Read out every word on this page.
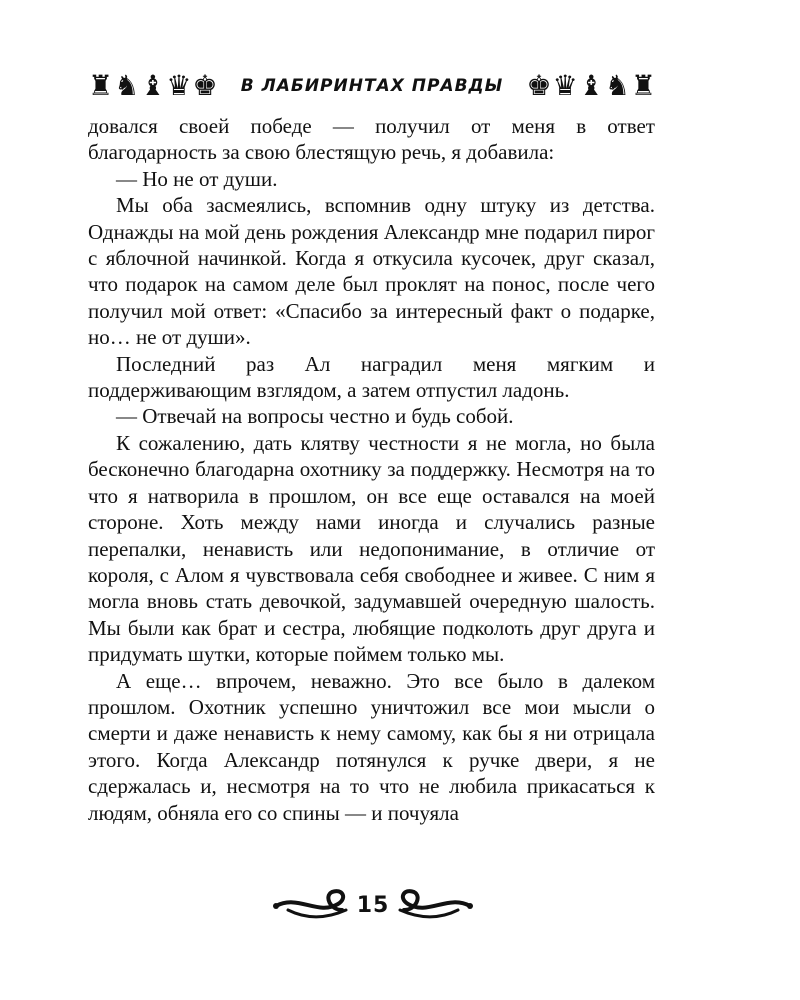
♜ ♞ ♝ ♛ ♚ В ЛАБИРИНТАХ ПРАВДЫ ♚ ♛ ♝ ♞ ♜

довался своей победе — получил от меня в ответ благодарность за свою блестящую речь, я добавила:

— Но не от души.

Мы оба засмеялись, вспомнив одну штуку из детства. Однажды на мой день рождения Александр мне подарил пирог с яблочной начинкой. Когда я откусила кусочек, друг сказал, что подарок на самом деле был проклят на понос, после чего получил мой ответ: «Спасибо за интересный факт о подарке, но… не от души».

Последний раз Ал наградил меня мягким и поддерживающим взглядом, а затем отпустил ладонь.

— Отвечай на вопросы честно и будь собой.

К сожалению, дать клятву честности я не могла, но была бесконечно благодарна охотнику за поддержку. Несмотря на то что я натворила в прошлом, он все еще оставался на моей стороне. Хоть между нами иногда и случались разные перепалки, ненависть или недопонимание, в отличие от короля, с Алом я чувствовала себя свободнее и живее. С ним я могла вновь стать девочкой, задумавшей очередную шалость. Мы были как брат и сестра, любящие подколоть друг друга и придумать шутки, которые поймем только мы.

А еще… впрочем, неважно. Это все было в далеком прошлом. Охотник успешно уничтожил все мои мысли о смерти и даже ненависть к нему самому, как бы я ни отрицала этого. Когда Александр потянулся к ручке двери, я не сдержалась и, несмотря на то что не любила прикасаться к людям, обняла его со спины — и почуяла

15
